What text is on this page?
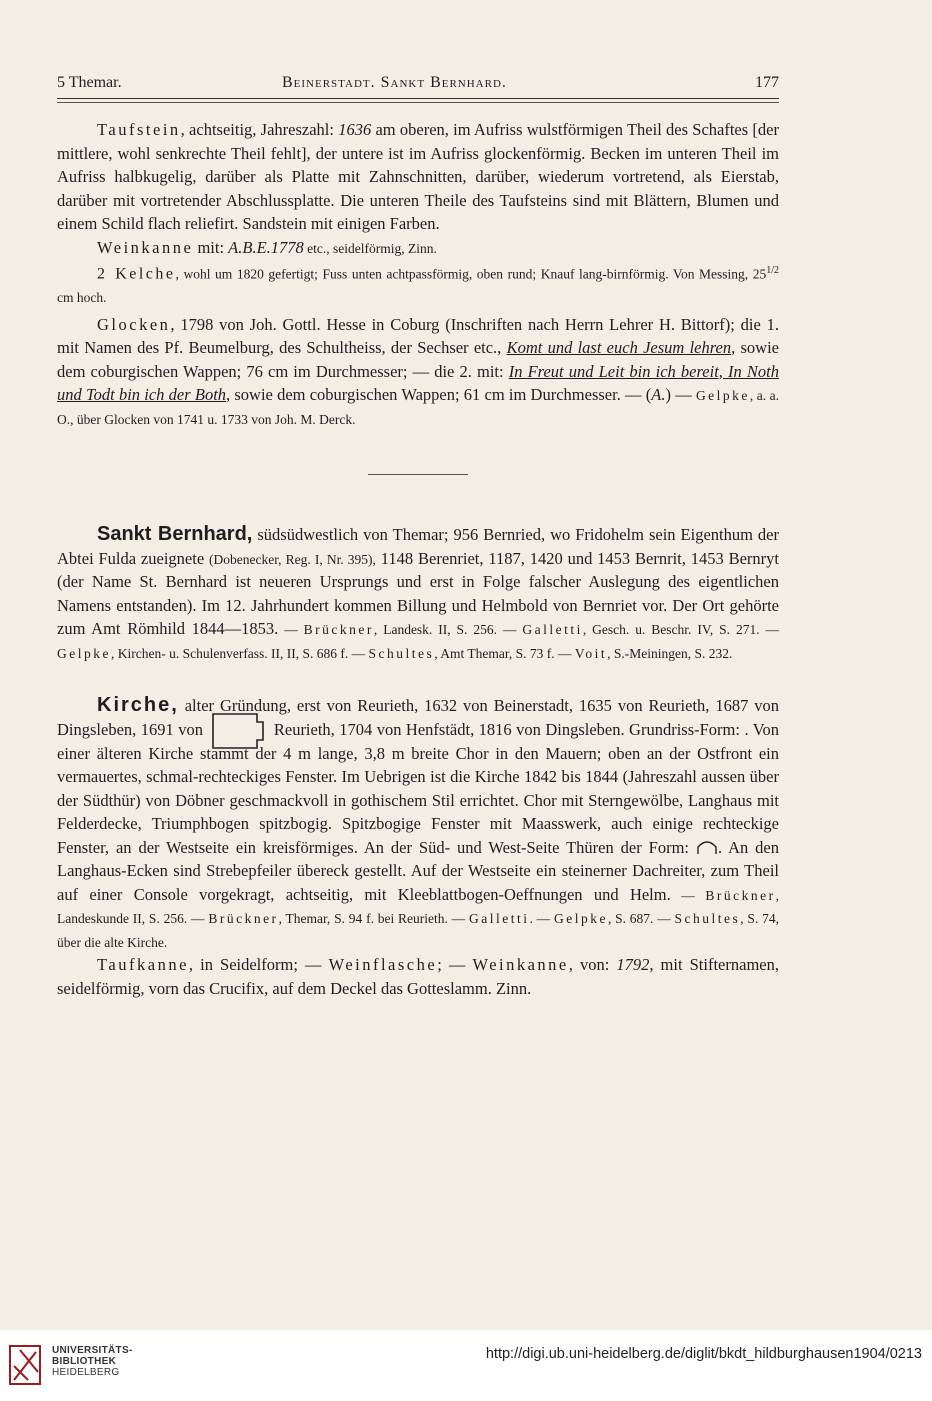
5 Themar.	Beinerstadt. Sankt Bernhard.	177

Taufstein, achtseitig, Jahreszahl: 1636 am oberen, im Aufriss wulstförmigen Theil des Schaftes [der mittlere, wohl senkrechte Theil fehlt], der untere ist im Aufriss glockenförmig. Becken im unteren Theil im Aufriss halbkugelig, darüber als Platte mit Zahnschnitten, darüber, wiederum vortretend, als Eierstab, darüber mit vortretender Abschlussplatte. Die unteren Theile des Taufsteins sind mit Blättern, Blumen und einem Schild flach reliefirt. Sandstein mit einigen Farben.

Weinkanne mit: A.B.E.1778 etc., seidelförmig, Zinn.

2 Kelche, wohl um 1820 gefertigt; Fuss unten achtpassförmig, oben rund; Knauf lang-birnförmig. Von Messing, $25^{1/2}$ cm hoch.

Glocken, 1798 von Joh. Gottl. Hesse in Coburg (Inschriften nach Herrn Lehrer H. Bittorf); die 1. mit Namen des Pf. Beumelburg, des Schultheiss, der Sechser etc., Komt und last euch Jesum lehren, sowie dem coburgischen Wappen; 76 cm im Durchmesser; — die 2. mit: In Freut und Leit bin ich bereit, In Noth und Todt bin ich der Both, sowie dem coburgischen Wappen; 61 cm im Durchmesser. — (A.) — Gelpke, a. a. O., über Glocken von 1741 u. 1733 von Joh. M. Derck.

Sankt Bernhard, südsüdwestlich von Themar; 956 Bernried, wo Fridohelm sein Eigenthum der Abtei Fulda zueignete (Dobenecker, Reg. I, Nr. 395), 1148 Berenriet, 1187, 1420 und 1453 Bernrit, 1453 Bernryt (der Name St. Bernhard ist neueren Ursprungs und erst in Folge falscher Auslegung des eigentlichen Namens entstanden). Im 12. Jahrhundert kommen Billung und Helmbold von Bernriet vor. Der Ort gehörte zum Amt Römhild 1844—1853. — Brückner, Landesk. II, S. 256. — Galletti, Gesch. u. Beschr. IV, S. 271. — Gelpke, Kirchen- u. Schulenverfass. II, II, S. 686 f. — Schultes, Amt Themar, S. 73 f. — Voit, S.-Meiningen, S. 232.

Kirche, alter Gründung, erst von Reurieth, 1632 von Beinerstadt, 1635 von Reurieth, 1687 von Dingsleben, 1691 von	Reurieth, 1704 von Henfstädt, 1816 von Dingsleben. Grundriss-Form: . Von einer älteren Kirche stammt der 4 m lange, 3,8 m breite Chor in den Mauern; oben an der Ostfront ein vermauertes, schmal-rechteckiges Fenster. Im Uebrigen ist die Kirche 1842 bis 1844 (Jahreszahl aussen über der Südthür) von Döbner geschmackvoll in gothischem Stil errichtet. Chor mit Sterngewölbe, Langhaus mit Felderdecke, Triumphbogen spitzbogig. Spitzbogige Fenster mit Maasswerk, auch einige rechteckige Fenster, an der Westseite ein kreisförmiges. An der Süd- und West-Seite Thüren der Form: . An den Langhaus-Ecken sind Strebepfeiler übereck gestellt. Auf der Westseite ein steinerner Dachreiter, zum Theil auf einer Console vorgekragt, achtseitig, mit Kleeblattbogen-Oeffnungen und Helm. — Brückner, Landeskunde II, S. 256. — Brückner, Themar, S. 94 f. bei Reurieth. — Galletti. — Gelpke, S. 687. — Schultes, S. 74, über die alte Kirche.

Taufkanne, in Seidelform; — Weinflasche; — Weinkanne, von: 1792, mit Stifternamen, seidelförmig, vorn das Crucifix, auf dem Deckel das Gotteslamm. Zinn.

UNIVERSITÄTS-
BIBLIOTHEK
HEIDELBERG
http://digi.ub.uni-heidelberg.de/diglit/bkdt_hildburghausen1904/0213
